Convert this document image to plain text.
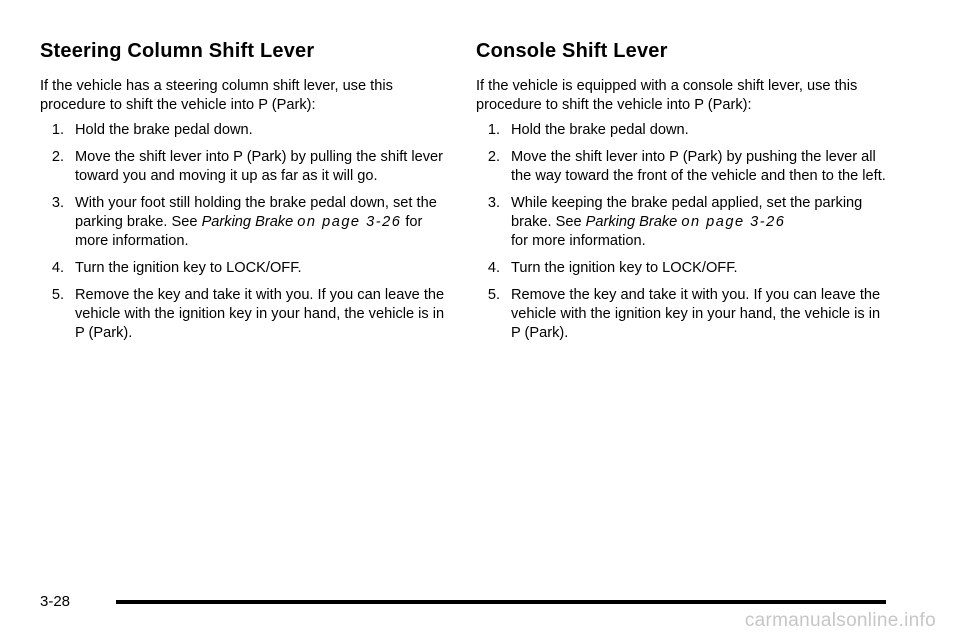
Steering Column Shift Lever

If the vehicle has a steering column shift lever, use this procedure to shift the vehicle into P (Park):

1 . Hold the brake pedal down.
2 . Move the shift lever into P (Park) by pulling the shift lever toward you and moving it up as far as it will go.
3 . With your foot still holding the brake pedal down, set the parking brake. See Parking Brake on page 3-26 for more information.
4 . Turn the ignition key to LOCK/OFF.
5 . Remove the key and take it with you. If you can leave the vehicle with the ignition key in your hand, the vehicle is in P (Park).
Console Shift Lever

If the vehicle is equipped with a console shift lever, use this procedure to shift the vehicle into P (Park):

1 . Hold the brake pedal down.
2 . Move the shift lever into P (Park) by pushing the lever all the way toward the front of the vehicle and then to the left.
3 . While keeping the brake pedal applied, set the parking brake. See Parking Brake on page 3-26
for more information.
4 . Turn the ignition key to LOCK/OFF.
5 . Remove the key and take it with you. If you can leave the vehicle with the ignition key in your hand, the vehicle is in P (Park).
3-28
carmanualsonline.info
